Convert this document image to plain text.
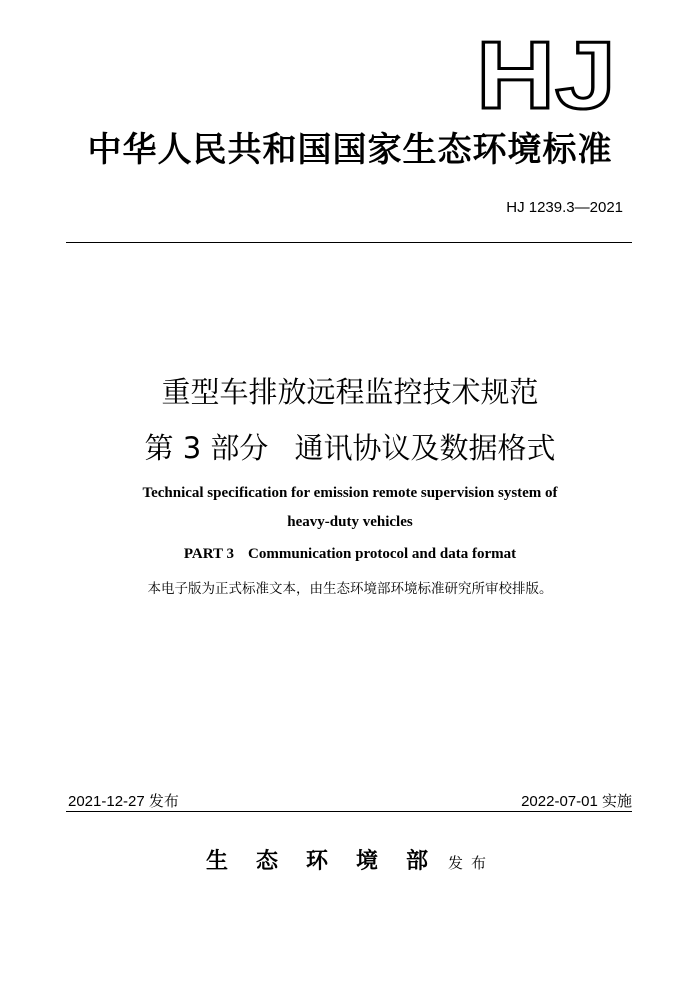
HJ
中华人民共和国国家生态环境标准
HJ 1239.3—2021
重型车排放远程监控技术规范
第 3 部分 通讯协议及数据格式
Technical specification for emission remote supervision system of
heavy-duty vehicles
PART 3 Communication protocol and data format
本电子版为正式标准文本，由生态环境部环境标准研究所审校排版。
2021-12-27 发布	2022-07-01 实施
生态环境部发布
